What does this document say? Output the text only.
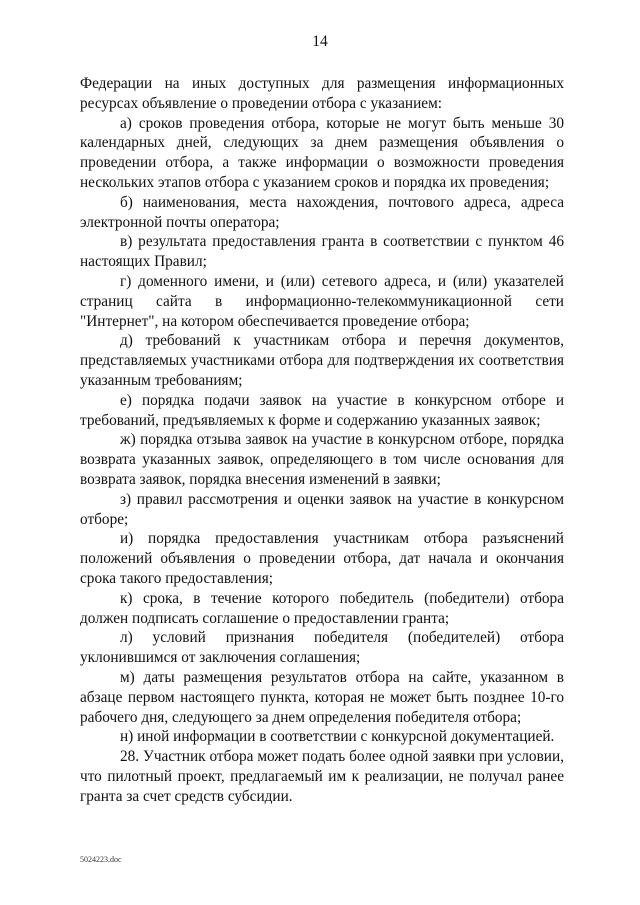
14

Федерации на иных доступных для размещения информационных ресурсах объявление о проведении отбора с указанием:

а) сроков проведения отбора, которые не могут быть меньше 30 календарных дней, следующих за днем размещения объявления о проведении отбора, а также информации о возможности проведения нескольких этапов отбора с указанием сроков и порядка их проведения;

б) наименования, места нахождения, почтового адреса, адреса электронной почты оператора;

в) результата предоставления гранта в соответствии с пунктом 46 настоящих Правил;

г) доменного имени, и (или) сетевого адреса, и (или) указателей страниц сайта в информационно-телекоммуникационной сети "Интернет", на котором обеспечивается проведение отбора;

д) требований к участникам отбора и перечня документов, представляемых участниками отбора для подтверждения их соответствия указанным требованиям;

е) порядка подачи заявок на участие в конкурсном отборе и требований, предъявляемых к форме и содержанию указанных заявок;

ж) порядка отзыва заявок на участие в конкурсном отборе, порядка возврата указанных заявок, определяющего в том числе основания для возврата заявок, порядка внесения изменений в заявки;

з) правил рассмотрения и оценки заявок на участие в конкурсном отборе;

и) порядка предоставления участникам отбора разъяснений положений объявления о проведении отбора, дат начала и окончания срока такого предоставления;

к) срока, в течение которого победитель (победители) отбора должен подписать соглашение о предоставлении гранта;

л) условий признания победителя (победителей) отбора уклонившимся от заключения соглашения;

м) даты размещения результатов отбора на сайте, указанном в абзаце первом настоящего пункта, которая не может быть позднее 10-го рабочего дня, следующего за днем определения победителя отбора;

н) иной информации в соответствии с конкурсной документацией.

28. Участник отбора может подать более одной заявки при условии, что пилотный проект, предлагаемый им к реализации, не получал ранее гранта за счет средств субсидии.

5024223.doc
